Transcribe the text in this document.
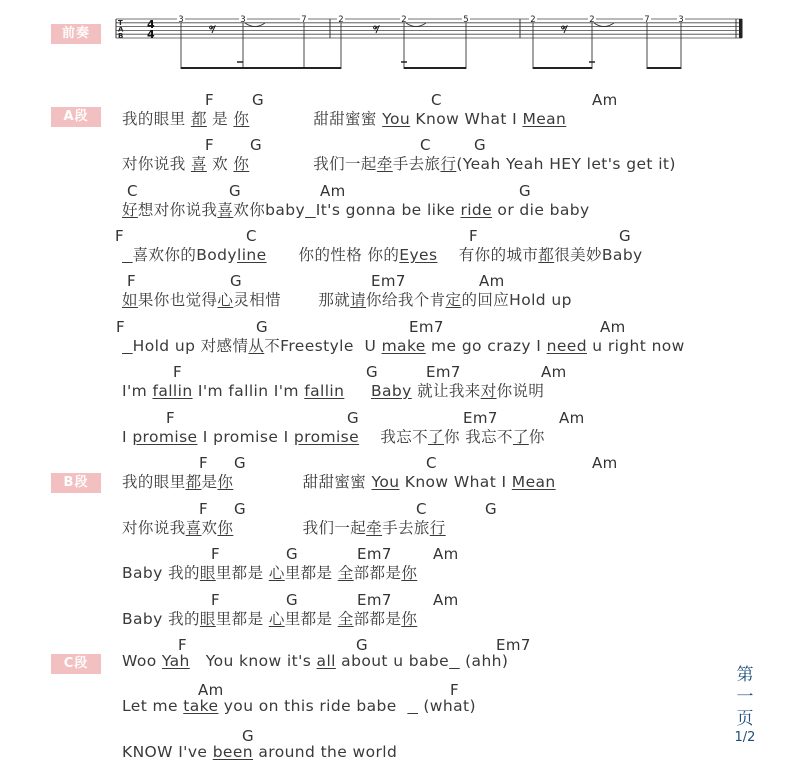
前奏
T
A
B
4
4
3	3	7	2	2	5	2	2	7	3
A段
F	G	C	Am
我的眼里 都 是 你            甜甜蜜蜜 You Know What I Mean
F G	C	G
对你说我 喜 欢 你            我们一起牵手去旅行(Yeah Yeah HEY let's get it)
C	G	Am	G
好想对你说我喜欢你baby It's gonna be like ride or die baby
F	C	F	G
喜欢你的Bodyline      你的性格 你的Eyes    有你的城市都很美妙Baby
F	G	Em7	Am
如果你也觉得心灵相惜       那就请你给我个肯定的回应Hold up
F	G	Em7	Am
Hold up 对感情从不Freestyle  U make me go crazy I need u right now
F	G	Em7	Am
I'm fallin I'm fallin I'm fallin Baby 就让我来对你说明
F	G	Em7	Am
I promise I promise I promise    我忘不了你 我忘不了你
B段
F G	C	Am
我的眼里都是你             甜甜蜜蜜 You Know What I Mean
F G	C	G
对你说我喜欢你             我们一起牵手去旅行
F	G	Em7	Am
Baby 我的眼里都是 心里都是 全部都是你
F	G	Em7	Am
Baby 我的眼里都是 心里都是 全部都是你
C段
F	G	Em7
Woo Yah   You know it's all about u babe   (ahh)
Am	F
Let me take you on this ride babe     (what)
G
KNOW I've been around the world
第
一
页
1/2
